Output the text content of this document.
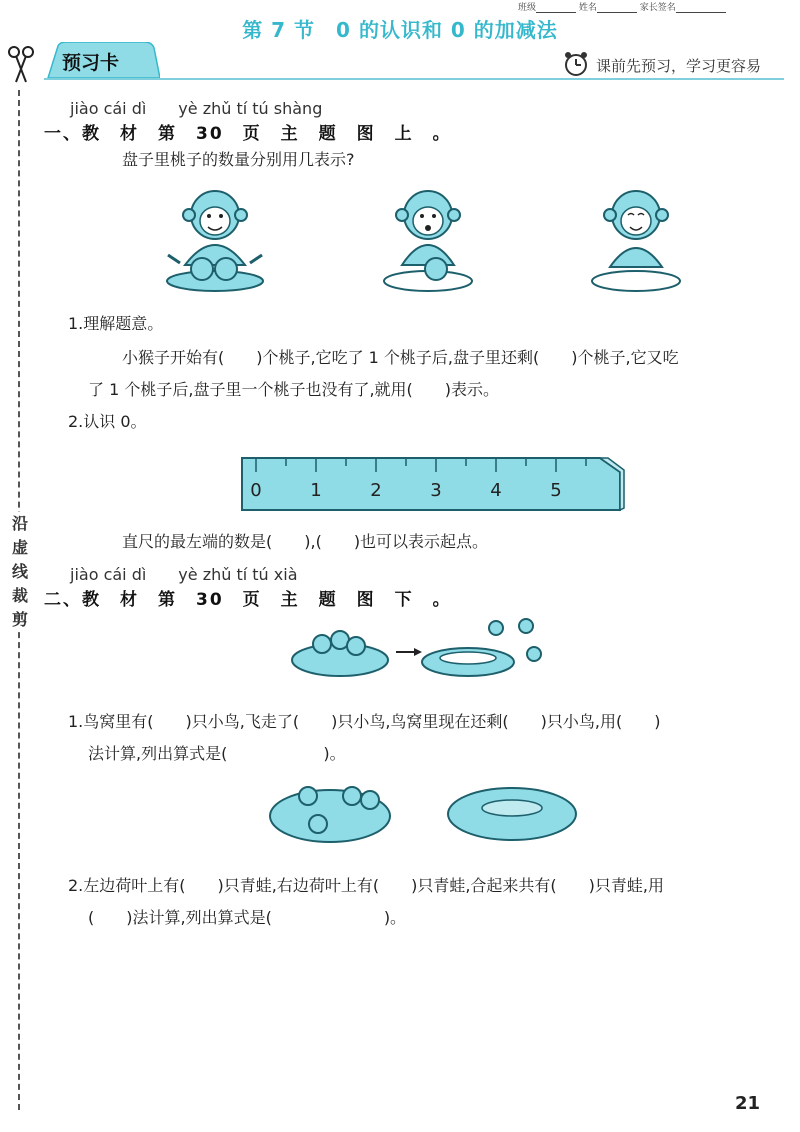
班级	姓名	家长签名
第 7 节　0 的认识和 0 的加减法
预习卡	课前先预习，学习更容易
沿
虚
线
裁
剪
jiào cái dì　　yè zhǔ tí tú shàng
一、教　材　第　30　页　主　题　图　上　。
盘子里桃子的数量分别用几表示?
1.理解题意。
小猴子开始有(　　)个桃子,它吃了 1 个桃子后,盘子里还剩(　　)个桃子,它又吃
了 1 个桃子后,盘子里一个桃子也没有了,就用(　　)表示。
2.认识 0。
0	1	2	3	4	5
直尺的最左端的数是(　　),(　　)也可以表示起点。
jiào cái dì　　yè zhǔ tí tú xià
二、教　材　第　30　页　主　题　图　下　。
1.鸟窝里有(　　)只小鸟,飞走了(　　)只小鸟,鸟窝里现在还剩(　　)只小鸟,用(　　)
法计算,列出算式是(　　　　　　)。
2.左边荷叶上有(　　)只青蛙,右边荷叶上有(　　)只青蛙,合起来共有(　　)只青蛙,用
(　　)法计算,列出算式是(　　　　　　　)。
21
